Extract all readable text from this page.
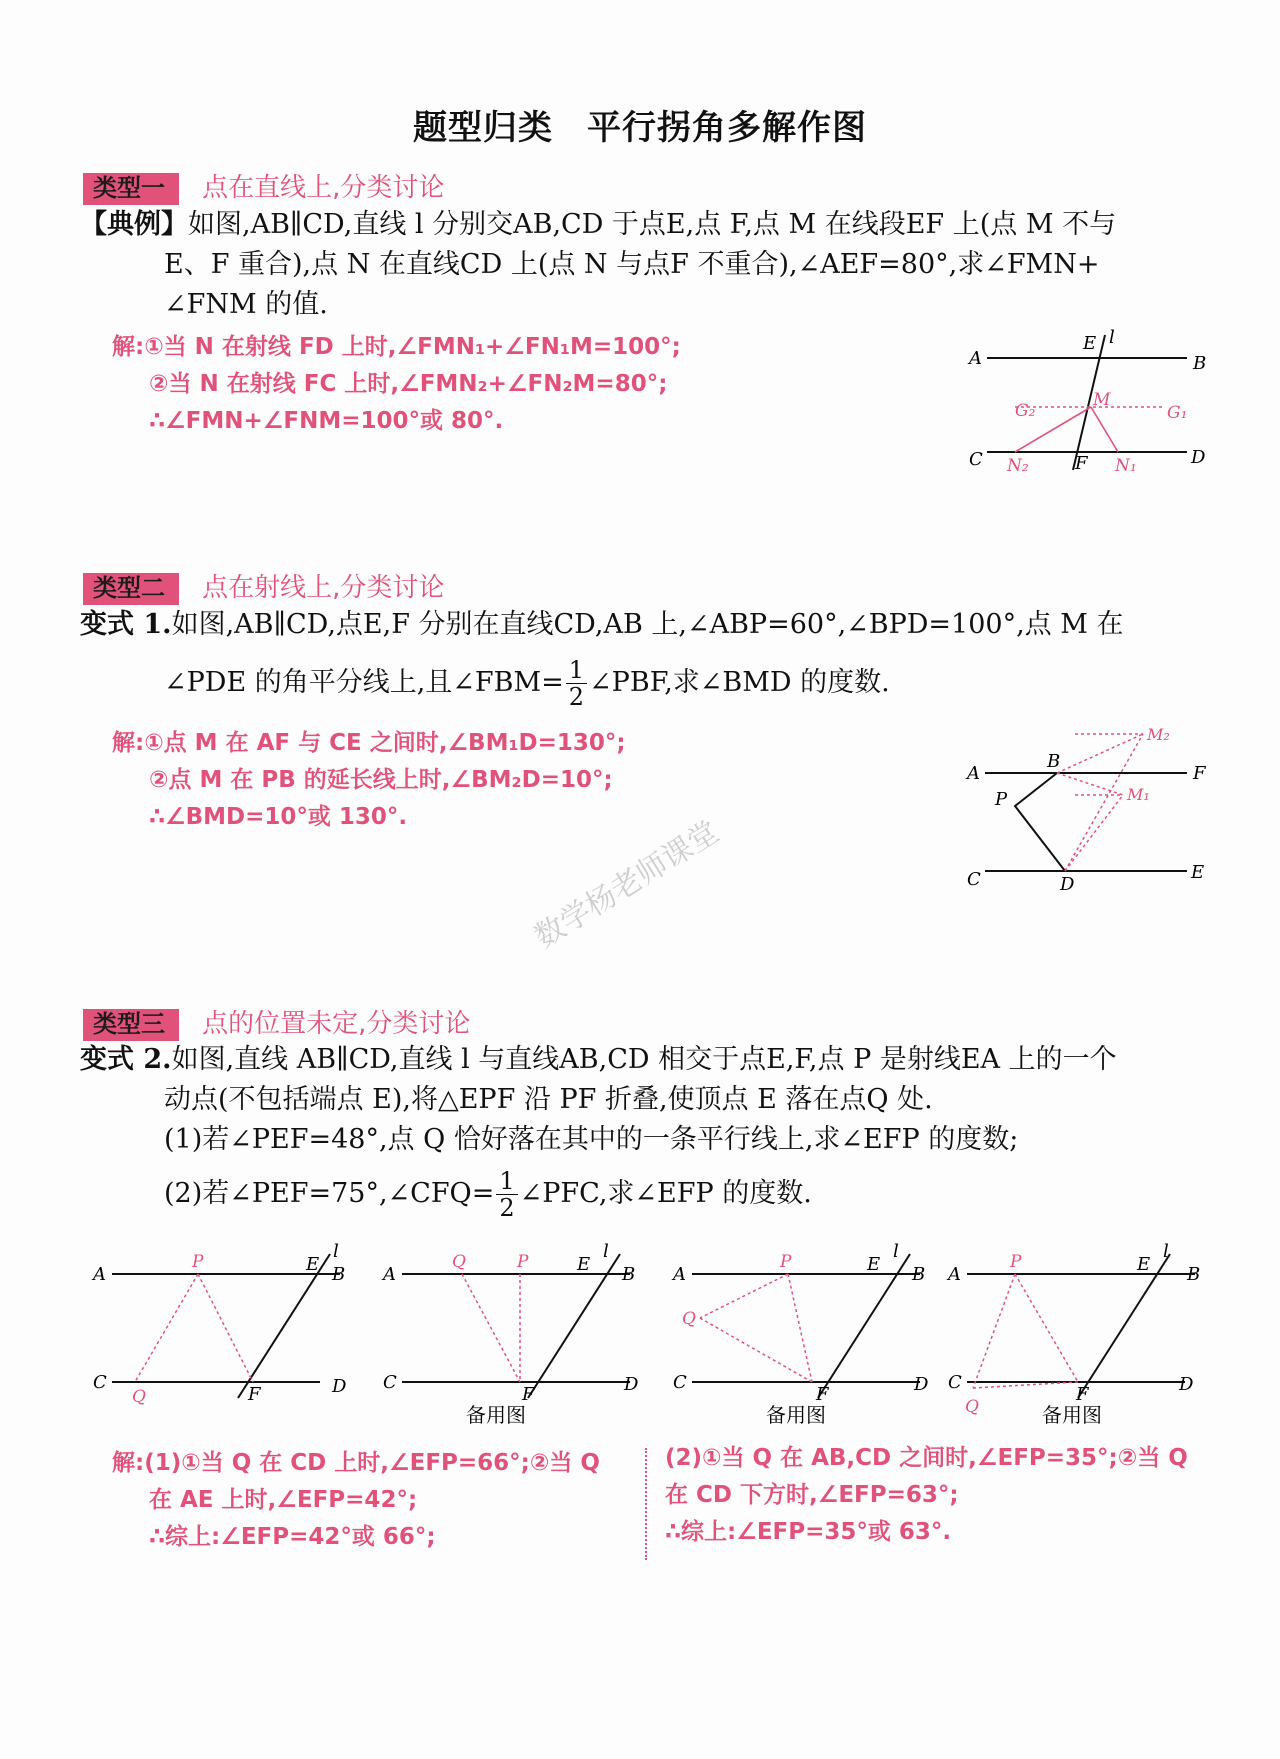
题型归类 平行拐角多解作图
类型一 点在直线上,分类讨论
【典例】如图,AB∥CD,直线 l 分别交AB,CD 于点E,点 F,点 M 在线段EF 上(点 M 不与
E、F 重合),点 N 在直线CD 上(点 N 与点F 不重合),∠AEF=80°,求∠FMN+
∠FNM 的值.
解:①当 N 在射线 FD 上时,∠FMN₁+∠FN₁M=100°;
②当 N 在射线 FC 上时,∠FMN₂+∠FN₂M=80°;
∴∠FMN+∠FNM=100°或 80°.
A	B
C	D
E l
F
M
G₁
G₂
N₂	N₁
类型二 点在射线上,分类讨论
变式 1.如图,AB∥CD,点E,F 分别在直线CD,AB 上,∠ABP=60°,∠BPD=100°,点 M 在
∠PDE 的角平分线上,且∠FBM= $\frac{1}{2}$ ∠PBF,求∠BMD 的度数.
解:①点 M 在 AF 与 CE 之间时,∠BM₁D=130°;
②点 M 在 PB 的延长线上时,∠BM₂D=10°;
∴∠BMD=10°或 130°.
A	F
C	E
B
P
D
M₂
M₁
数学杨老师课堂
类型三 点的位置未定,分类讨论
变式 2.如图,直线 AB∥CD,直线 l 与直线AB,CD 相交于点E,F,点 P 是射线EA 上的一个
动点(不包括端点 E),将△EPF 沿 PF 折叠,使顶点 E 落在点Q 处.
(1)若∠PEF=48°,点 Q 恰好落在其中的一条平行线上,求∠EFP 的度数;
(2)若∠PEF=75°,∠CFQ= $\frac{1}{2}$ ∠PFC,求∠EFP 的度数.
A	B
C	D
E
l
F
P
Q
A	B
C	D
E
l
F
Q	P
备用图
A	B
C	D
E
l
F
P
Q
备用图
A	B
C	D
E
l
F
P
Q	备用图
解:(1)①当 Q 在 CD 上时,∠EFP=66°;②当 Q
在 AE 上时,∠EFP=42°;
∴综上:∠EFP=42°或 66°;
(2)①当 Q 在 AB,CD 之间时,∠EFP=35°;②当 Q
在 CD 下方时,∠EFP=63°;
∴综上:∠EFP=35°或 63°.
